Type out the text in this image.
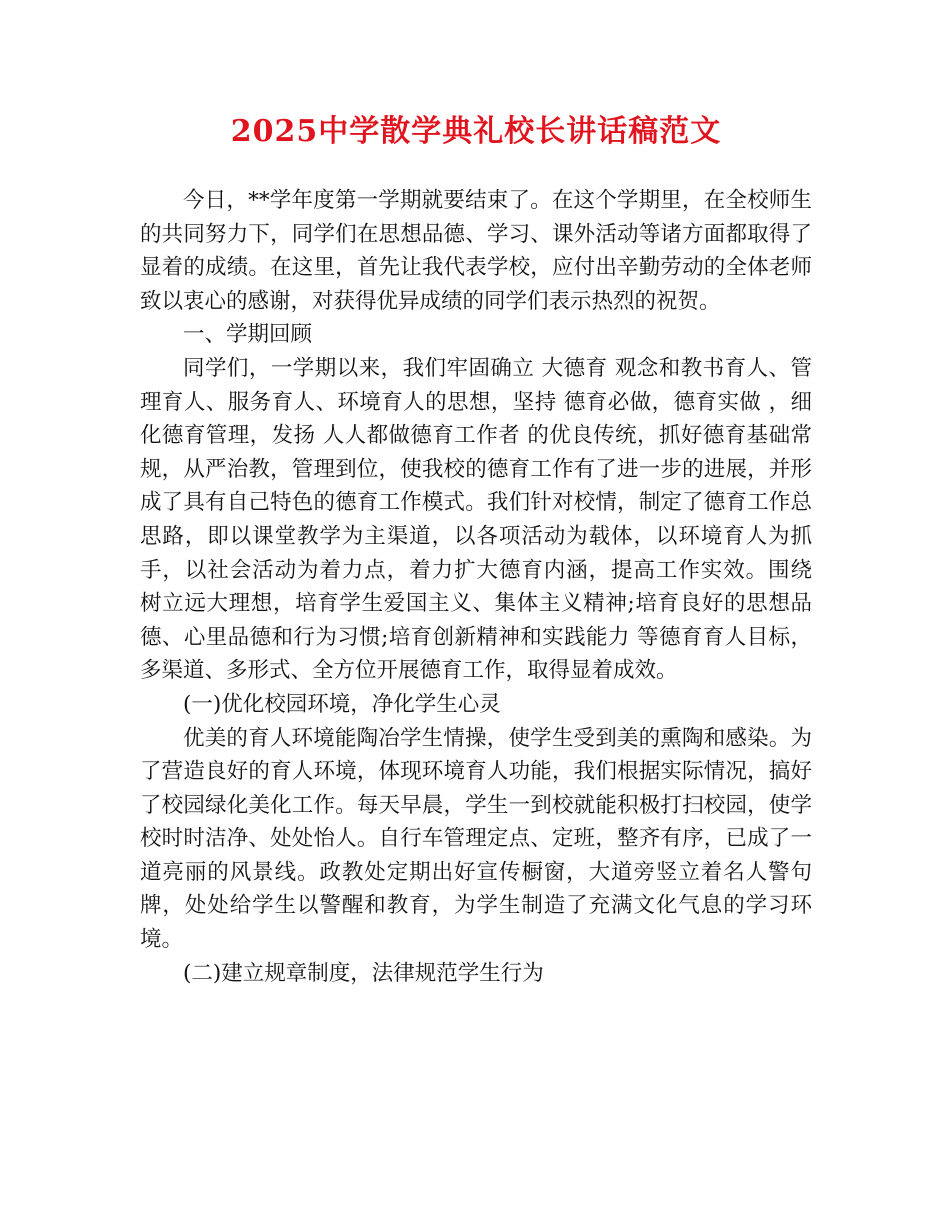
2025中学散学典礼校长讲话稿范文

今日，**学年度第一学期就要结束了。在这个学期里，在全校师生的共同努力下，同学们在思想品德、学习、课外活动等诸方面都取得了显着的成绩。在这里，首先让我代表学校，应付出辛勤劳动的全体老师致以衷心的感谢，对获得优异成绩的同学们表示热烈的祝贺。

一、学期回顾

同学们，一学期以来，我们牢固确立 大德育 观念和教书育人、管理育人、服务育人、环境育人的思想，坚持 德育必做，德育实做 ，细化德育管理，发扬 人人都做德育工作者 的优良传统，抓好德育基础常规，从严治教，管理到位，使我校的德育工作有了进一步的进展，并形成了具有自己特色的德育工作模式。我们针对校情，制定了德育工作总思路，即以课堂教学为主渠道，以各项活动为载体，以环境育人为抓手，以社会活动为着力点，着力扩大德育内涵，提高工作实效。围绕 树立远大理想，培育学生爱国主义、集体主义精神;培育良好的思想品德、心里品德和行为习惯;培育创新精神和实践能力 等德育育人目标，多渠道、多形式、全方位开展德育工作，取得显着成效。

(一)优化校园环境，净化学生心灵

优美的育人环境能陶冶学生情操，使学生受到美的熏陶和感染。为了营造良好的育人环境，体现环境育人功能，我们根据实际情况，搞好了校园绿化美化工作。每天早晨，学生一到校就能积极打扫校园，使学校时时洁净、处处怡人。自行车管理定点、定班，整齐有序，已成了一道亮丽的风景线。政教处定期出好宣传橱窗，大道旁竖立着名人警句牌，处处给学生以警醒和教育，为学生制造了充满文化气息的学习环境。

(二)建立规章制度，法律规范学生行为
